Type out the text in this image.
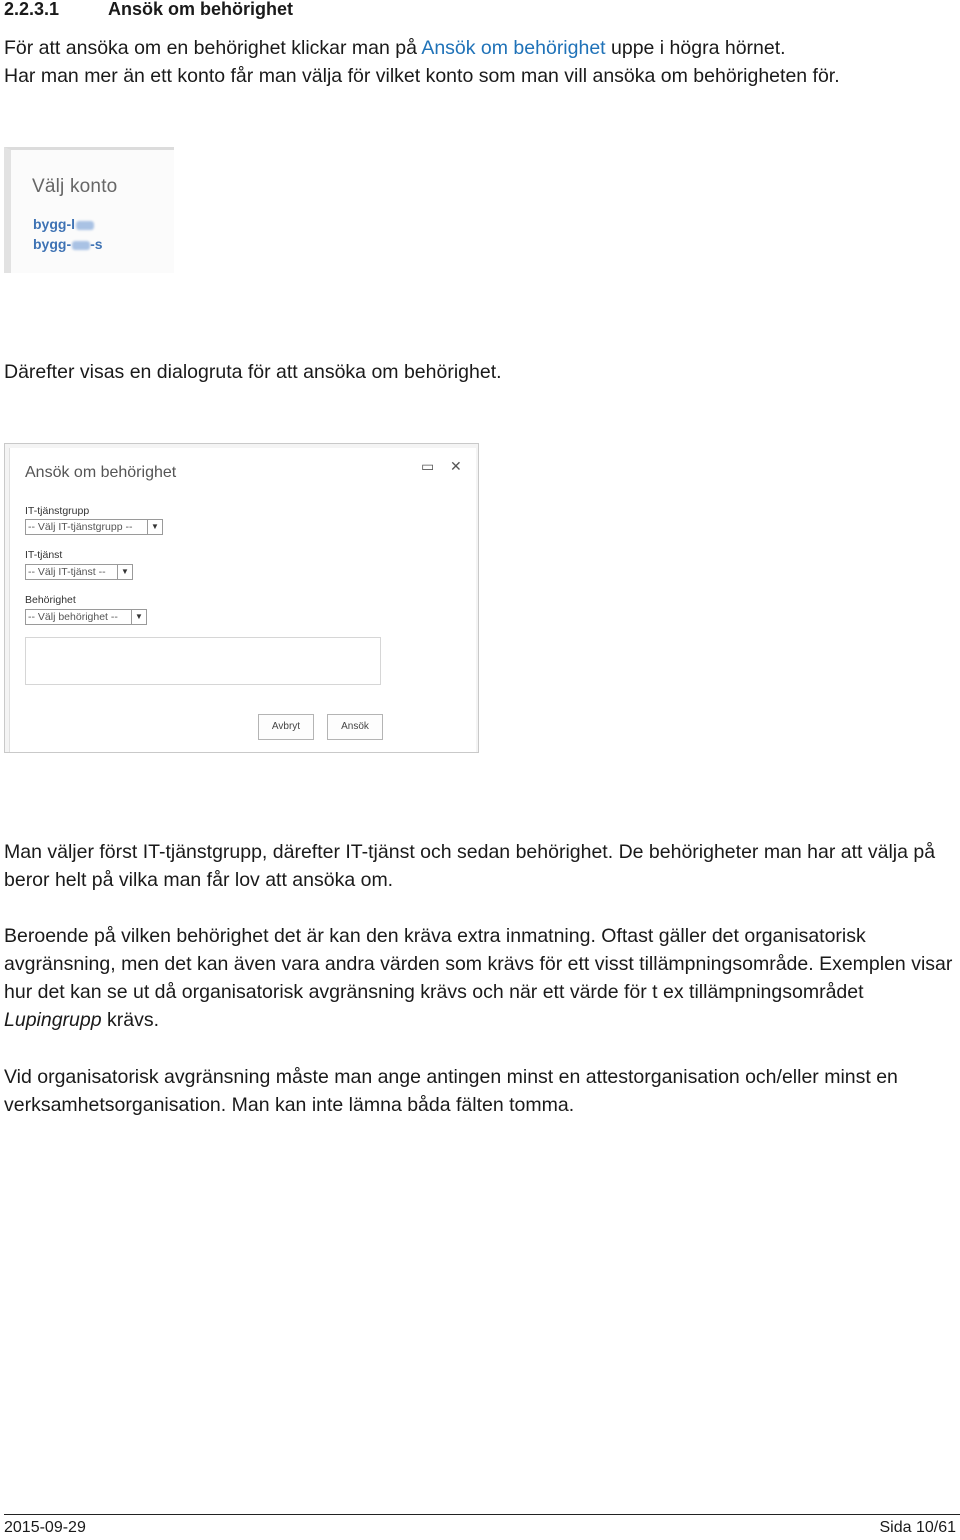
2.2.3.1	Ansök om behörighet

För att ansöka om en behörighet klickar man på Ansök om behörighet uppe i högra hörnet.
Har man mer än ett konto får man välja för vilket konto som man vill ansöka om behörigheten för.

Välj konto
bygg-l
bygg- -s

Därefter visas en dialogruta för att ansöka om behörighet.

Ansök om behörighet	▭ ✕
IT-tjänstgrupp
-- Välj IT-tjänstgrupp --	▼
IT-tjänst
-- Välj IT-tjänst --	▼
Behörighet
-- Välj behörighet --	▼
Avbryt	Ansök

Man väljer först IT-tjänstgrupp, därefter IT-tjänst och sedan behörighet. De behörigheter man har att välja på beror helt på vilka man får lov att ansöka om.

Beroende på vilken behörighet det är kan den kräva extra inmatning. Oftast gäller det organisatorisk avgränsning, men det kan även vara andra värden som krävs för ett visst tillämpningsområde. Exemplen visar hur det kan se ut då organisatorisk avgränsning krävs och när ett värde för t ex tillämpningsområdet Lupingrupp krävs.

Vid organisatorisk avgränsning måste man ange antingen minst en attestorganisation och/eller minst en verksamhetsorganisation. Man kan inte lämna båda fälten tomma.

2015-09-29	Sida 10/61
